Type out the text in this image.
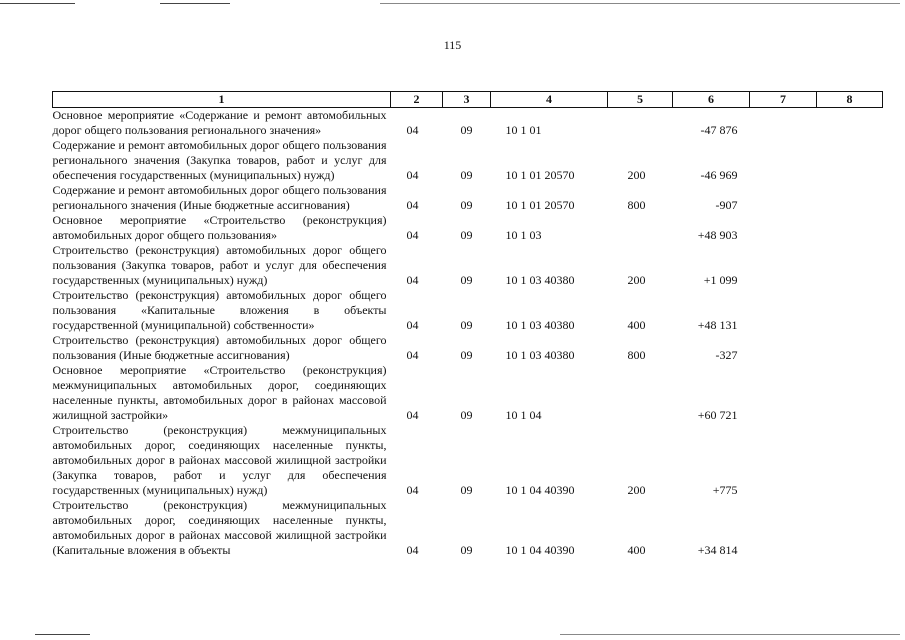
115
1	2	3	4	5	6	7	8
Основное мероприятие «Содержание и ремонт автомобильных дорог общего пользования регионального значения»	04	09	10 1 01		-47 876		
Содержание и ремонт автомобильных дорог общего пользования регионального значения (Закупка товаров, работ и услуг для обеспечения государственных (муниципальных) нужд)	04	09	10 1 01 20570	200	-46 969		
Содержание и ремонт автомобильных дорог общего пользования регионального значения (Иные бюджетные ассигнования)	04	09	10 1 01 20570	800	-907		
Основное мероприятие «Строительство (реконструкция) автомобильных дорог общего пользования»	04	09	10 1 03		+48 903		
Строительство (реконструкция) автомобильных дорог общего пользования (Закупка товаров, работ и услуг для обеспечения государственных (муниципальных) нужд)	04	09	10 1 03 40380	200	+1 099		
Строительство (реконструкция) автомобильных дорог общего пользования «Капитальные вложения в объекты государственной (муниципальной) собственности»	04	09	10 1 03 40380	400	+48 131		
Строительство (реконструкция) автомобильных дорог общего пользования (Иные бюджетные ассигнования)	04	09	10 1 03 40380	800	-327		
Основное мероприятие «Строительство (реконструкция) межмуниципальных автомобильных дорог, соединяющих населенные пункты, автомобильных дорог в районах массовой жилищной застройки»	04	09	10 1 04		+60 721		
Строительство (реконструкция) межмуниципальных автомобильных дорог, соединяющих населенные пункты, автомобильных дорог в районах массовой жилищной застройки (Закупка товаров, работ и услуг для обеспечения государственных (муниципальных) нужд)	04	09	10 1 04 40390	200	+775		
Строительство (реконструкция) межмуниципальных автомобильных дорог, соединяющих населенные пункты, автомобильных дорог в районах массовой жилищной застройки (Капитальные вложения в объекты	04	09	10 1 04 40390	400	+34 814		
